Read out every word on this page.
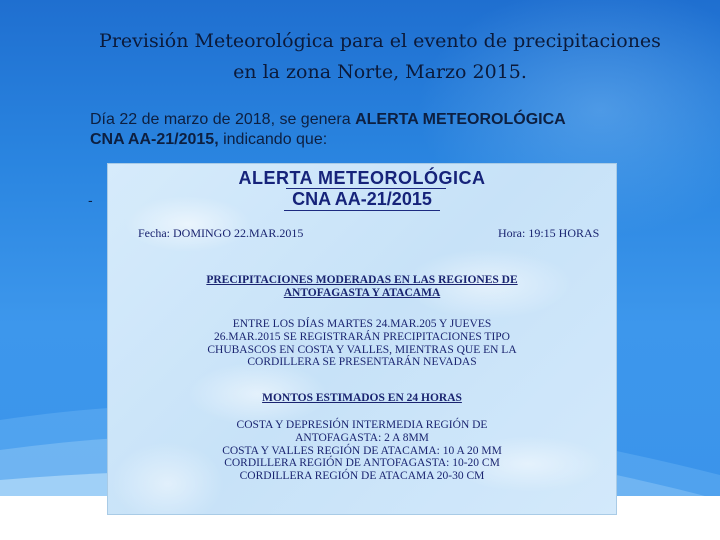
Previsión Meteorológica para el evento de precipitaciones
en la zona Norte, Marzo 2015.
Día 22 de marzo de 2018, se genera ALERTA METEOROLÓGICA
CNA AA-21/2015, indicando que:
-
ALERTA METEOROLÓGICA
CNA AA-21/2015
Fecha: DOMINGO 22.MAR.2015	Hora: 19:15 HORAS
PRECIPITACIONES MODERADAS EN LAS REGIONES DE
ANTOFAGASTA Y ATACAMA
ENTRE LOS DÍAS MARTES 24.MAR.205 Y JUEVES
26.MAR.2015 SE REGISTRARÁN PRECIPITACIONES TIPO
CHUBASCOS EN COSTA Y VALLES, MIENTRAS QUE EN LA
CORDILLERA SE PRESENTARÁN NEVADAS
MONTOS ESTIMADOS EN 24 HORAS
COSTA Y DEPRESIÓN INTERMEDIA REGIÓN DE
ANTOFAGASTA: 2 A 8MM
COSTA Y VALLES REGIÓN DE ATACAMA: 10 A 20 MM
CORDILLERA REGIÓN DE ANTOFAGASTA: 10-20 CM
CORDILLERA REGIÓN DE ATACAMA 20-30 CM
